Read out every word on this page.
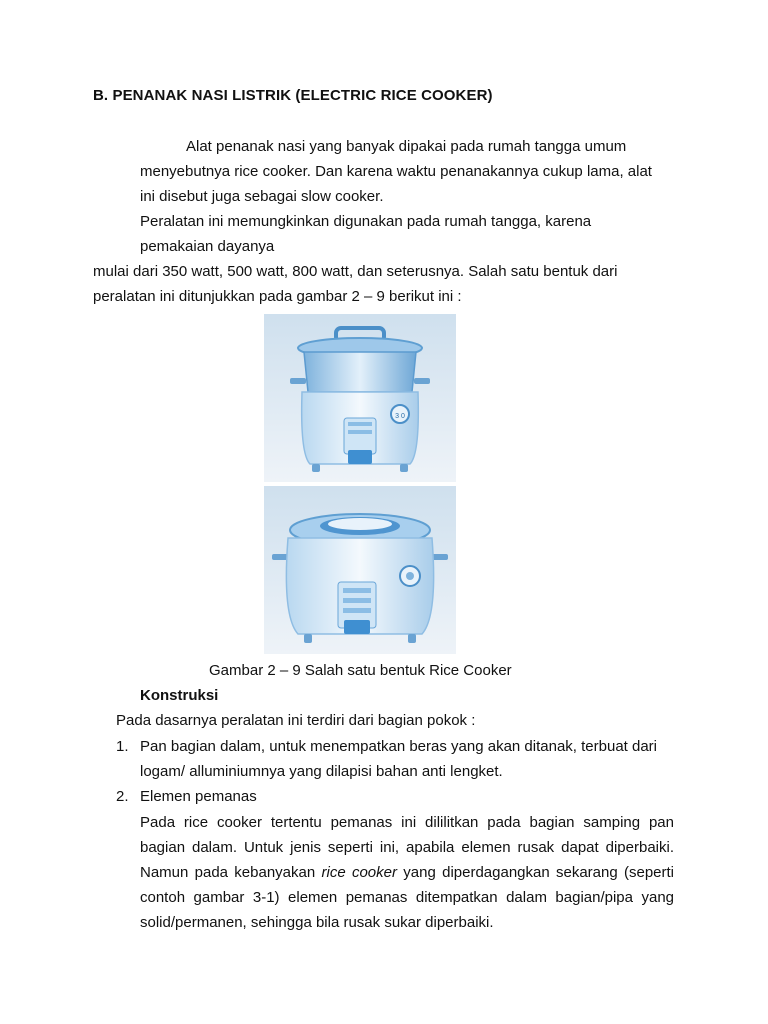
B. PENANAK NASI LISTRIK (ELECTRIC RICE COOKER)
Alat penanak nasi yang banyak dipakai pada rumah tangga umum
menyebutnya rice cooker. Dan karena waktu penanakannya cukup lama, alat
ini disebut juga sebagai slow cooker.
Peralatan ini memungkinkan digunakan pada rumah tangga, karena
pemakaian dayanya
mulai dari 350 watt, 500 watt, 800 watt, dan seterusnya. Salah satu bentuk dari
peralatan ini ditunjukkan pada gambar 2 – 9 berikut ini :
3 0
Gambar 2 – 9 Salah satu bentuk Rice Cooker
Konstruksi
Pada dasarnya peralatan ini terdiri dari bagian pokok :
1. Pan bagian dalam, untuk menempatkan beras yang akan ditanak, terbuat dari
logam/ alluminiumnya yang dilapisi bahan anti lengket.
2. Elemen pemanas
Pada rice cooker tertentu pemanas ini dililitkan pada bagian samping pan bagian dalam. Untuk jenis seperti ini, apabila elemen rusak dapat diperbaiki. Namun pada kebanyakan rice cooker yang diperdagangkan sekarang (seperti contoh gambar 3-1) elemen pemanas ditempatkan dalam bagian/pipa yang solid/permanen, sehingga bila rusak sukar diperbaiki.
